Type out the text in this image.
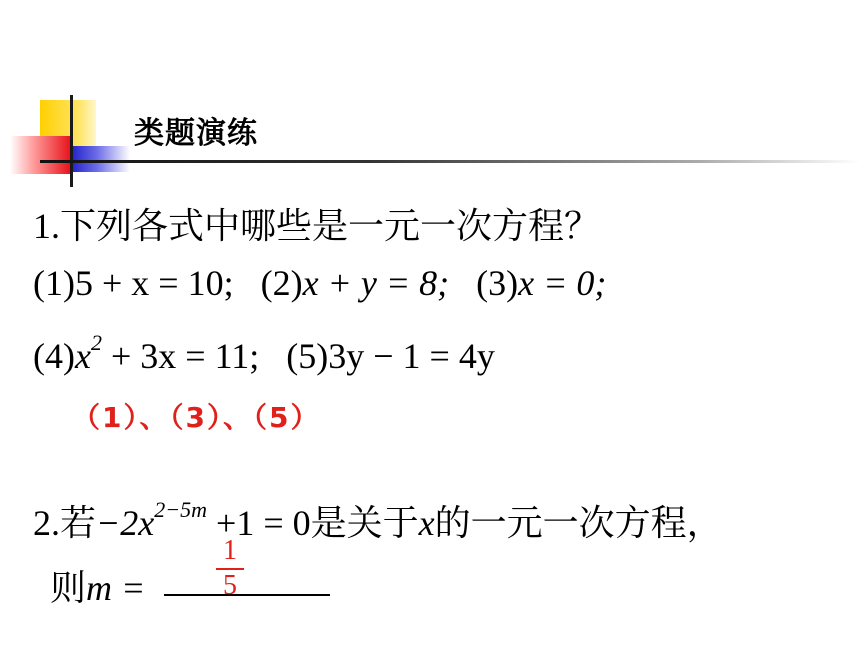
类题演练
1.下列各式中哪些是一元一次方程？
(1)5 + x = 10; (2)x + y = 8; (3)x = 0;
$(4)x^2 + 3x = 11$; (5)3y − 1 = 4y
（1）、（3）、（5）
2.若$-2x^{2-5m} +1 = 0$是关于x的一元一次方程，
则m =
1
5
